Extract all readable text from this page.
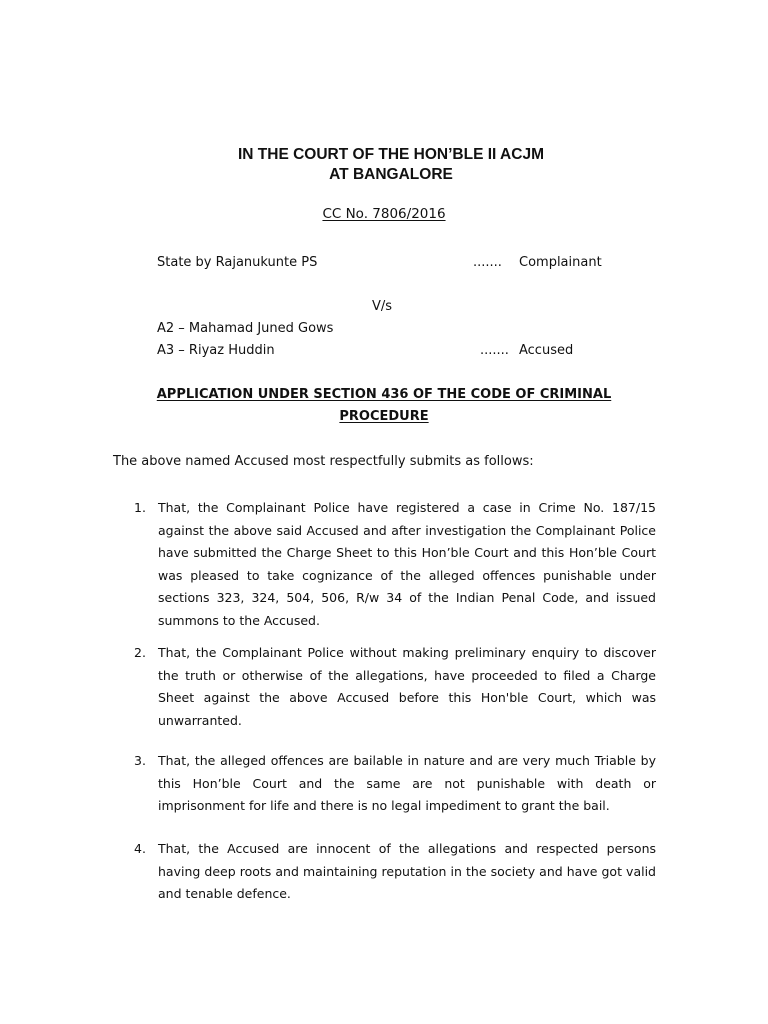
IN THE COURT OF THE HON’BLE II ACJM
AT BANGALORE
CC No. 7806/2016
State by Rajanukunte PS	....... Complainant
V/s
A2 – Mahamad Juned Gows
A3 – Riyaz Huddin	....... Accused
APPLICATION UNDER SECTION 436 OF THE CODE OF CRIMINAL
PROCEDURE
The above named Accused most respectfully submits as follows:
1. That, the Complainant Police have registered a case in Crime No. 187/15 against the above said Accused and after investigation the Complainant Police have submitted the Charge Sheet to this Hon’ble Court and this Hon’ble Court was pleased to take cognizance of the alleged offences punishable under sections 323, 324, 504, 506, R/w 34 of the Indian Penal Code, and issued summons to the Accused.
2. That, the Complainant Police without making preliminary enquiry to discover the truth or otherwise of the allegations, have proceeded to filed a Charge Sheet against the above Accused before this Hon'ble Court, which was unwarranted.
3. That, the alleged offences are bailable in nature and are very much Triable by this Hon’ble Court and the same are not punishable with death or imprisonment for life and there is no legal impediment to grant the bail.
4. That, the Accused are innocent of the allegations and respected persons having deep roots and maintaining reputation in the society and have got valid and tenable defence.
